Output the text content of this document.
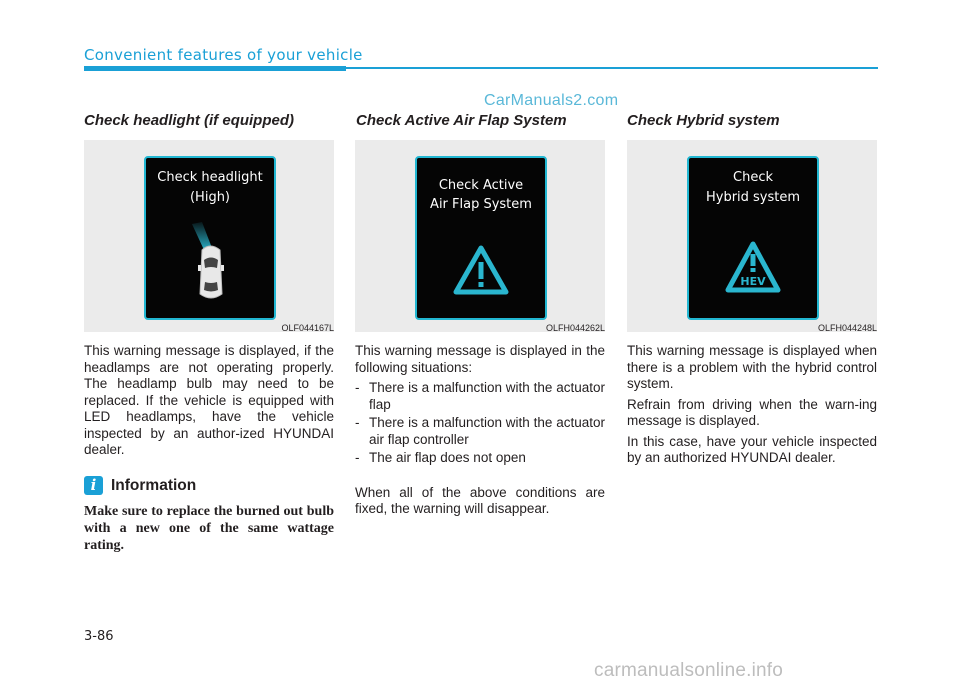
Convenient features of your vehicle
CarManuals2.com
Check headlight (if equipped)
Check headlight
(High)
OLF044167L

This warning message is displayed, if the headlamps are not operating properly. The headlamp bulb may need to be replaced. If the vehicle is equipped with LED headlamps, have the vehicle inspected by an author-ized HYUNDAI dealer.

i Information
Make sure to replace the burned out bulb with a new one of the same wattage rating.
Check Active Air Flap System
Check Active
Air Flap System
OLFH044262L

This warning message is displayed in the following situations:

- There is a malfunction with the actuator flap
- There is a malfunction with the actuator air flap controller
- The air flap does not open

When all of the above conditions are fixed, the warning will disappear.

Check Hybrid system
Check
Hybrid system
HEV
OLFH044248L

This warning message is displayed when there is a problem with the hybrid control system.

Refrain from driving when the warn-ing message is displayed.

In this case, have your vehicle inspected by an authorized HYUNDAI dealer.

3-86
carmanualsonline.info
